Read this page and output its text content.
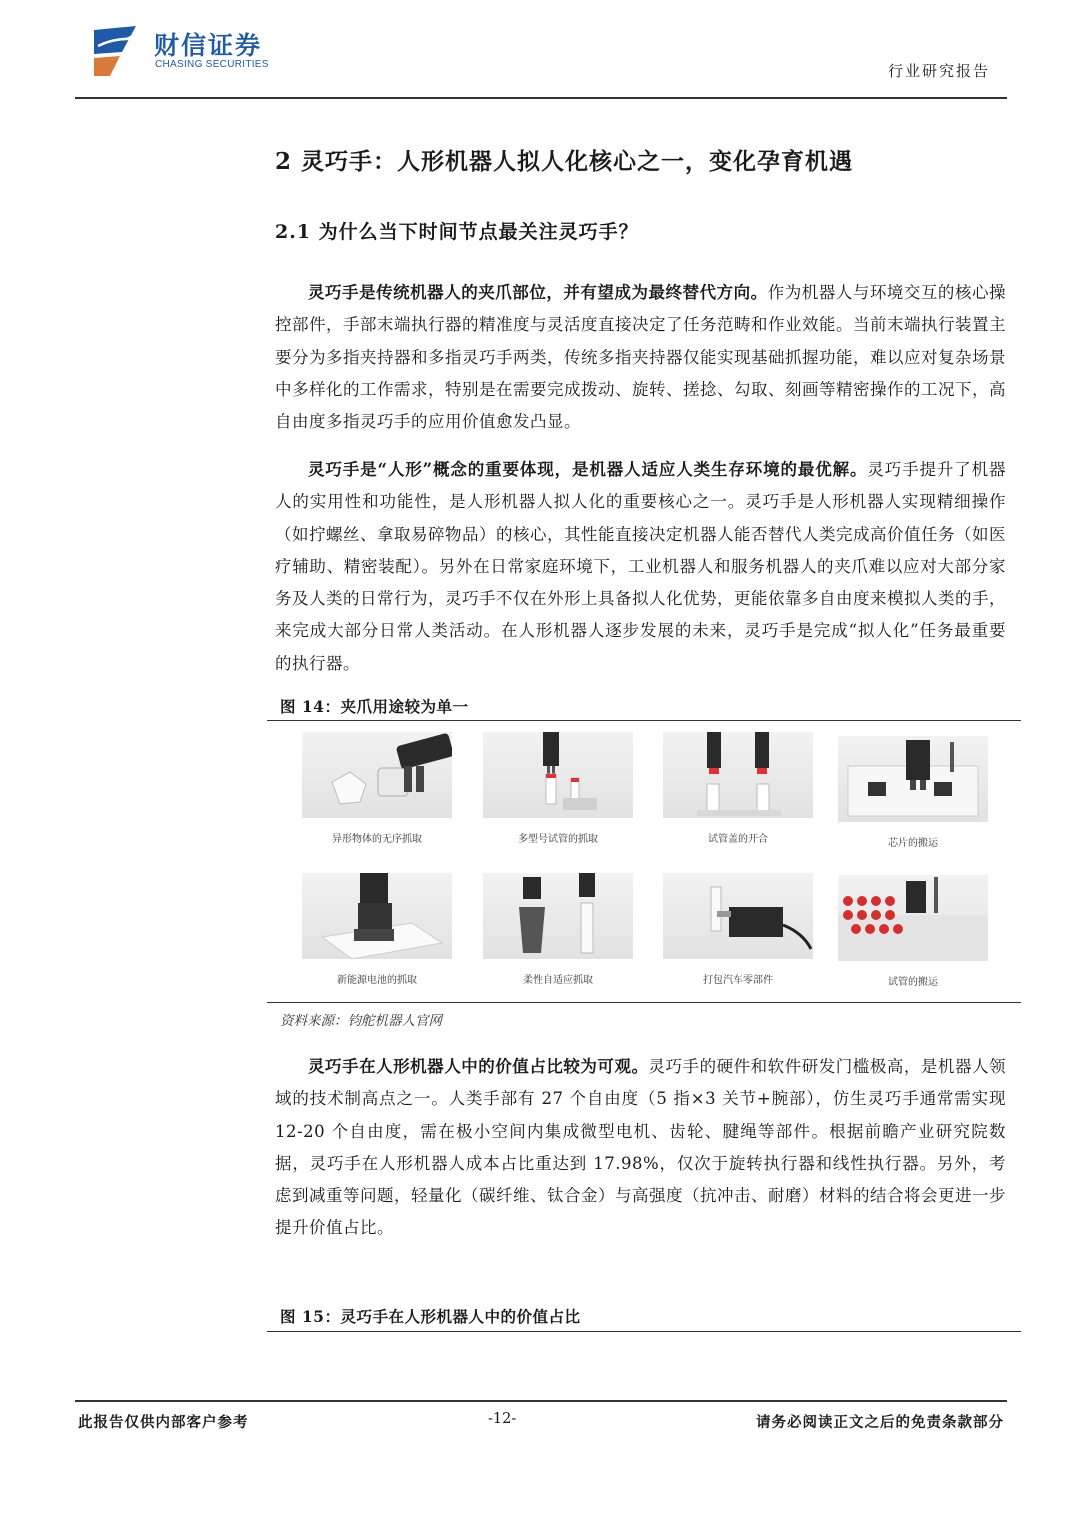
财信证券
CHASING SECURITIES	行业研究报告
2 灵巧手：人形机器人拟人化核心之一，变化孕育机遇
2.1 为什么当下时间节点最关注灵巧手？

灵巧手是传统机器人的夹爪部位，并有望成为最终替代方向。作为机器人与环境交互的核心操控部件，手部末端执行器的精准度与灵活度直接决定了任务范畴和作业效能。当前末端执行装置主要分为多指夹持器和多指灵巧手两类，传统多指夹持器仅能实现基础抓握功能，难以应对复杂场景中多样化的工作需求，特别是在需要完成拨动、旋转、搓捻、勾取、刻画等精密操作的工况下，高自由度多指灵巧手的应用价值愈发凸显。

灵巧手是“人形”概念的重要体现，是机器人适应人类生存环境的最优解。灵巧手提升了机器人的实用性和功能性，是人形机器人拟人化的重要核心之一。灵巧手是人形机器人实现精细操作（如拧螺丝、拿取易碎物品）的核心，其性能直接决定机器人能否替代人类完成高价值任务（如医疗辅助、精密装配）。另外在日常家庭环境下，工业机器人和服务机器人的夹爪难以应对大部分家务及人类的日常行为，灵巧手不仅在外形上具备拟人化优势，更能依靠多自由度来模拟人类的手，来完成大部分日常人类活动。在人形机器人逐步发展的未来，灵巧手是完成“拟人化”任务最重要的执行器。

图 14：夹爪用途较为单一
异形物体的无序抓取	多型号试管的抓取	试管盖的开合	芯片的搬运
新能源电池的抓取	柔性自适应抓取	打包汽车零部件	试管的搬运
资料来源：钧舵机器人官网

灵巧手在人形机器人中的价值占比较为可观。灵巧手的硬件和软件研发门槛极高，是机器人领域的技术制高点之一。人类手部有 27 个自由度（5 指×3 关节+腕部），仿生灵巧手通常需实现 12-20 个自由度，需在极小空间内集成微型电机、齿轮、腱绳等部件。根据前瞻产业研究院数据，灵巧手在人形机器人成本占比重达到 17.98%，仅次于旋转执行器和线性执行器。另外，考虑到减重等问题，轻量化（碳纤维、钛合金）与高强度（抗冲击、耐磨）材料的结合将会更进一步提升价值占比。

图 15：灵巧手在人形机器人中的价值占比
此报告仅供内部客户参考	-12-	请务必阅读正文之后的免责条款部分
